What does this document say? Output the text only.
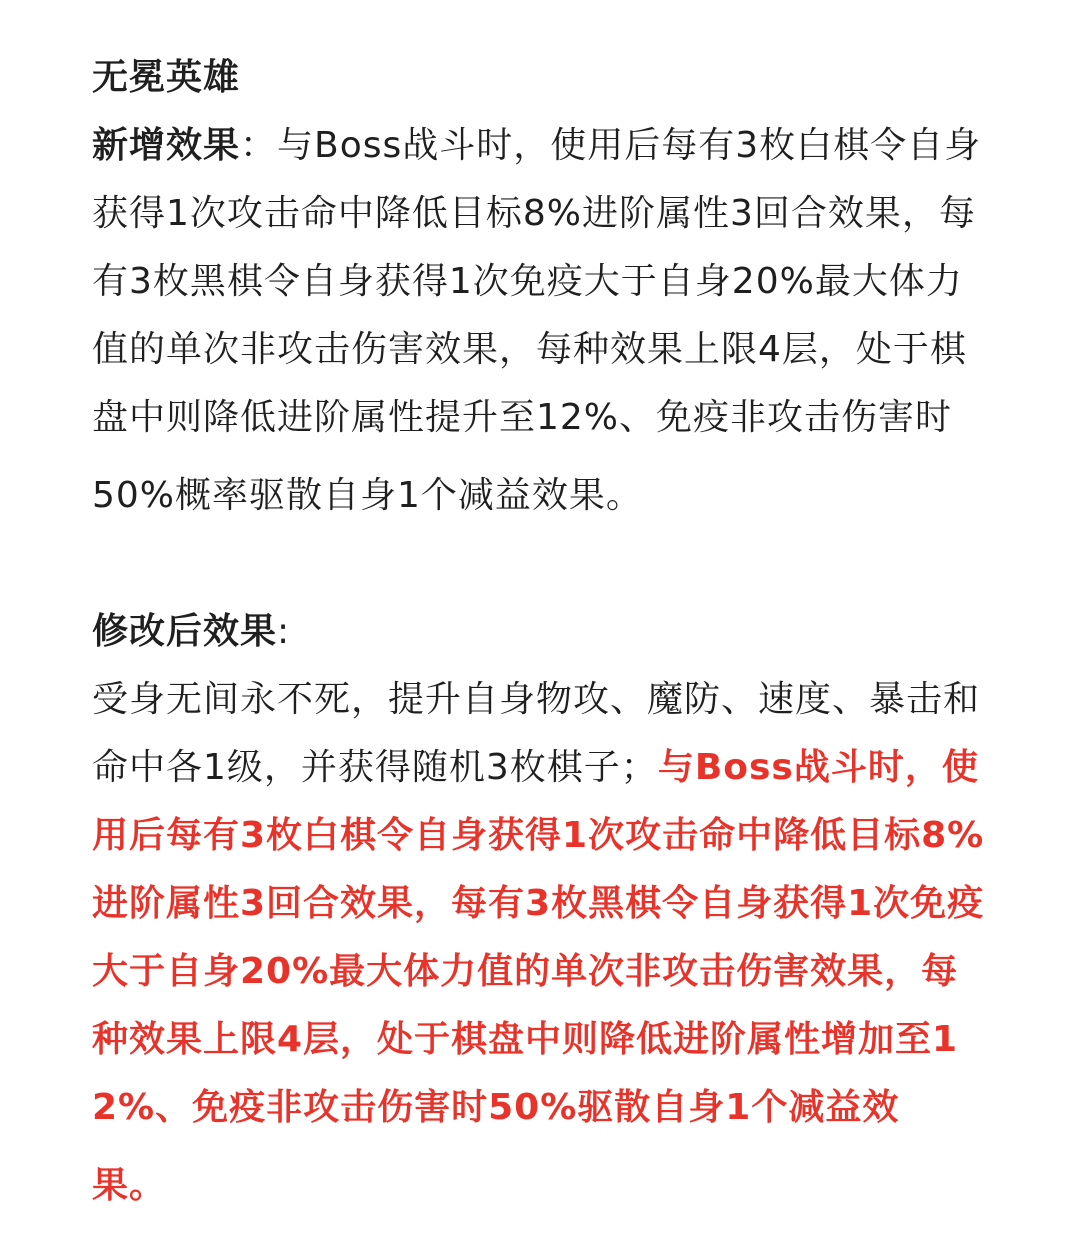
无冕英雄

新增效果：与Boss战斗时，使用后每有3枚白棋令自身获得1次攻击命中降低目标8%进阶属性3回合效果，每有3枚黑棋令自身获得1次免疫大于自身20%最大体力值的单次非攻击伤害效果，每种效果上限4层，处于棋盘中则降低进阶属性提升至12%、免疫非攻击伤害时

50%概率驱散自身1个减益效果。

修改后效果:

受身无间永不死，提升自身物攻、魔防、速度、暴击和命中各1级，并获得随机3枚棋子；与Boss战斗时，使用后每有3枚白棋令自身获得1次攻击命中降低目标8%进阶属性3回合效果，每有3枚黑棋令自身获得1次免疫大于自身20%最大体力值的单次非攻击伤害效果，每种效果上限4层，处于棋盘中则降低进阶属性增加至12%、免疫非攻击伤害时50%驱散自身1个减益效

果。
